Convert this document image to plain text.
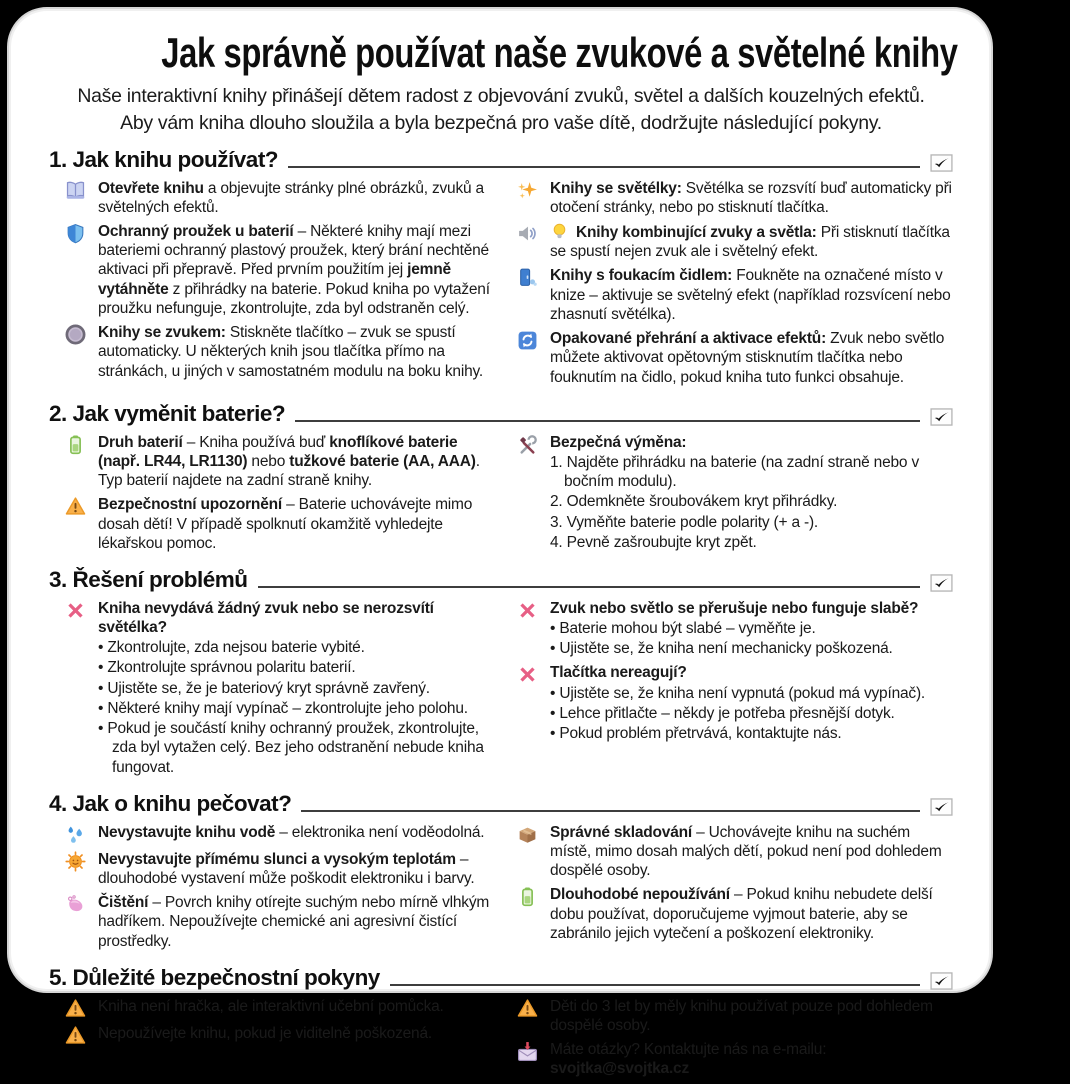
Jak správně používat naše zvukové a světelné knihy

Naše interaktivní knihy přinášejí dětem radost z objevování zvuků, světel a dalších kouzelných efektů.
Aby vám kniha dlouho sloužila a byla bezpečná pro vaše dítě, dodržujte následující pokyny.

1. Jak knihu používat?
Otevřete knihu a objevujte stránky plné obrázků, zvuků a světelných efektů.
Ochranný proužek u baterií – Některé knihy mají mezi bateriemi ochranný plastový proužek, který brání nechtěné aktivaci při přepravě. Před prvním použitím jej jemně vytáhněte z přihrádky na baterie. Pokud kniha po vytažení proužku nefunguje, zkontrolujte, zda byl odstraněn celý.
Knihy se zvukem: Stiskněte tlačítko – zvuk se spustí automaticky. U některých knih jsou tlačítka přímo na stránkách, u jiných v samostatném modulu na boku knihy.
Knihy se světélky: Světélka se rozsvítí buď automaticky při otočení stránky, nebo po stisknutí tlačítka.
Knihy kombinující zvuky a světla: Při stisknutí tlačítka se spustí nejen zvuk ale i světelný efekt.
Knihy s foukacím čidlem: Foukněte na označené místo v knize – aktivuje se světelný efekt (například rozsvícení nebo zhasnutí světélka).
Opakované přehrání a aktivace efektů: Zvuk nebo světlo můžete aktivovat opětovným stisknutím tlačítka nebo fouknutím na čidlo, pokud kniha tuto funkci obsahuje.
2. Jak vyměnit baterie?
Druh baterií – Kniha používá buď knoflíkové baterie (např. LR44, LR1130) nebo tužkové baterie (AA, AAA). Typ baterií najdete na zadní straně knihy.
Bezpečnostní upozornění – Baterie uchovávejte mimo dosah dětí! V případě spolknutí okamžitě vyhledejte lékařskou pomoc.
Bezpečná výměna:
1. Najděte přihrádku na baterie (na zadní straně nebo v bočním modulu).
2. Odemkněte šroubovákem kryt přihrádky.
3. Vyměňte baterie podle polarity (+ a -).
4. Pevně zašroubujte kryt zpět.
3. Řešení problémů
Kniha nevydává žádný zvuk nebo se nerozsvítí světélka?
• Zkontrolujte, zda nejsou baterie vybité.
• Zkontrolujte správnou polaritu baterií.
• Ujistěte se, že je bateriový kryt správně zavřený.
• Některé knihy mají vypínač – zkontrolujte jeho polohu.
• Pokud je součástí knihy ochranný proužek, zkontrolujte, zda byl vytažen celý. Bez jeho odstranění nebude kniha fungovat.
Zvuk nebo světlo se přerušuje nebo funguje slabě?
• Baterie mohou být slabé – vyměňte je.
• Ujistěte se, že kniha není mechanicky poškozená.
Tlačítka nereagují?
• Ujistěte se, že kniha není vypnutá (pokud má vypínač).
• Lehce přitlačte – někdy je potřeba přesnější dotyk.
• Pokud problém přetrvává, kontaktujte nás.
4. Jak o knihu pečovat?
Nevystavujte knihu vodě – elektronika není voděodolná.
Nevystavujte přímému slunci a vysokým teplotám – dlouhodobé vystavení může poškodit elektroniku i barvy.
Čištění – Povrch knihy otírejte suchým nebo mírně vlhkým hadříkem. Nepoužívejte chemické ani agresivní čistící prostředky.
Správné skladování – Uchovávejte knihu na suchém místě, mimo dosah malých dětí, pokud není pod dohledem dospělé osoby.
Dlouhodobé nepoužívání – Pokud knihu nebudete delší dobu používat, doporučujeme vyjmout baterie, aby se zabránilo jejich vytečení a poškození elektroniky.
5. Důležité bezpečnostní pokyny
Kniha není hračka, ale interaktivní učební pomůcka.
Nepoužívejte knihu, pokud je viditelně poškozená.
Děti do 3 let by měly knihu používat pouze pod dohledem dospělé osoby.
Máte otázky? Kontaktujte nás na e-mailu: svojtka@svojtka.cz
